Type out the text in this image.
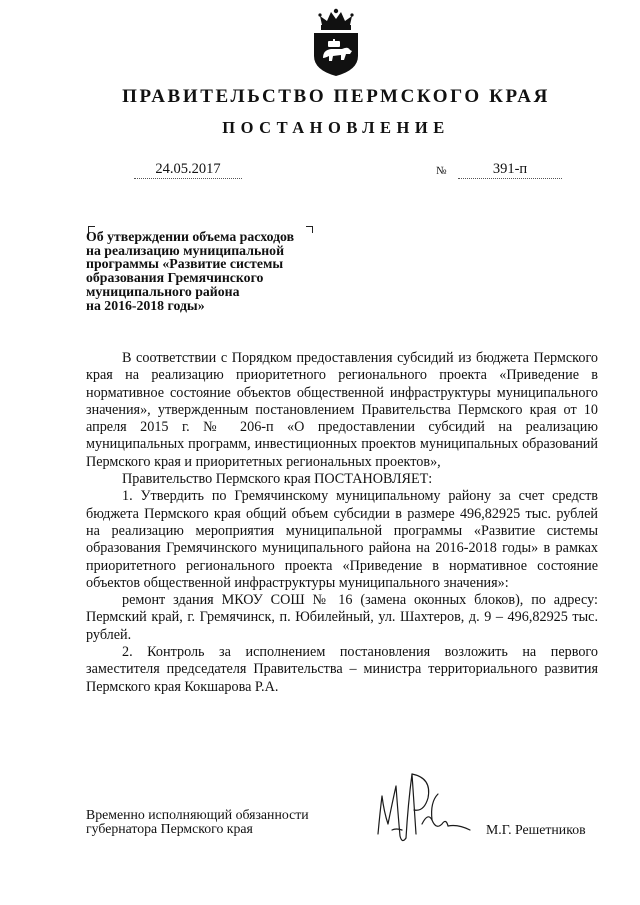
ПРАВИТЕЛЬСТВО ПЕРМСКОГО КРАЯ
ПОСТАНОВЛЕНИЕ
24.05.2017	№	391-п
Об утверждении объема расходов
на реализацию муниципальной
программы «Развитие системы
образования Гремячинского
муниципального района
на 2016-2018 годы»

В соответствии с Порядком предоставления субсидий из бюджета Пермского края на реализацию приоритетного регионального проекта «Приведение в нормативное состояние объектов общественной инфраструктуры муниципального значения», утвержденным постановлением Правительства Пермского края от 10 апреля 2015 г. № 206-п «О предоставлении субсидий на реализацию муниципальных программ, инвестиционных проектов муниципальных образований Пермского края и приоритетных региональных проектов»,

Правительство Пермского края ПОСТАНОВЛЯЕТ:

1. Утвердить по Гремячинскому муниципальному району за счет средств бюджета Пермского края общий объем субсидии в размере 496,82925 тыс. рублей на реализацию мероприятия муниципальной программы «Развитие системы образования Гремячинского муниципального района на 2016-2018 годы» в рамках приоритетного регионального проекта «Приведение в нормативное состояние объектов общественной инфраструктуры муниципального значения»:

ремонт здания МКОУ СОШ № 16 (замена оконных блоков), по адресу: Пермский край, г. Гремячинск, п. Юбилейный, ул. Шахтеров, д. 9 – 496,82925 тыс. рублей.

2. Контроль за исполнением постановления возложить на первого заместителя председателя Правительства – министра территориального развития Пермского края Кокшарова Р.А.

Временно исполняющий обязанности
губернатора Пермского края	М.Г. Решетников
